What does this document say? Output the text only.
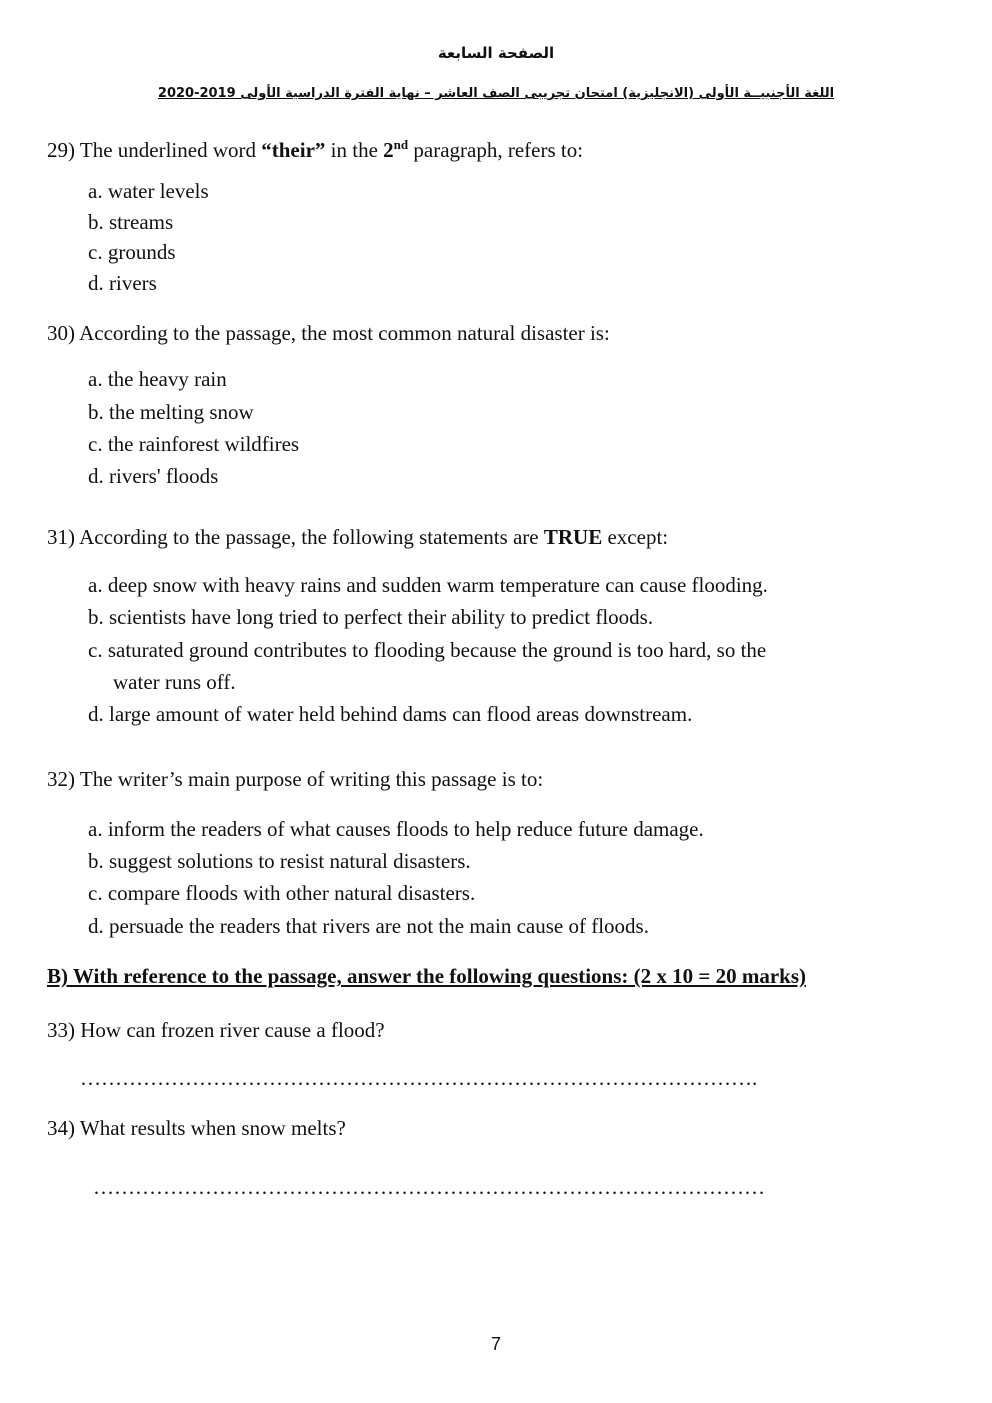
الصفحة السابعة
اللغة الأجنبيــة الأولى (الانجليزية) امتحان تجريبى الصف العاشر – نهاية الفترة الدراسية الأولى 2019-2020
29) The underlined word “their” in the 2nd paragraph, refers to:
a. water levels
b. streams
c. grounds
d. rivers
30) According to the passage, the most common natural disaster is:
a. the heavy rain
b. the melting snow
c. the rainforest wildfires
d. rivers' floods
31) According to the passage, the following statements are TRUE except:
a. deep snow with heavy rains and sudden warm temperature can cause flooding.
b. scientists have long tried to perfect their ability to predict floods.
c. saturated ground contributes to flooding because the ground is too hard, so the
water runs off.
d. large amount of water held behind dams can flood areas downstream.
32) The writer’s main purpose of writing this passage is to:
a. inform the readers of what causes floods to help reduce future damage.
b. suggest solutions to resist natural disasters.
c. compare floods with other natural disasters.
d. persuade the readers that rivers are not the main cause of floods.
B) With reference to the passage, answer the following questions: (2 x 10 = 20 marks)
33) How can frozen river cause a flood?
…………………………………………………………………………………….
34) What results when snow melts?
……………………………………………………………………………………
7
